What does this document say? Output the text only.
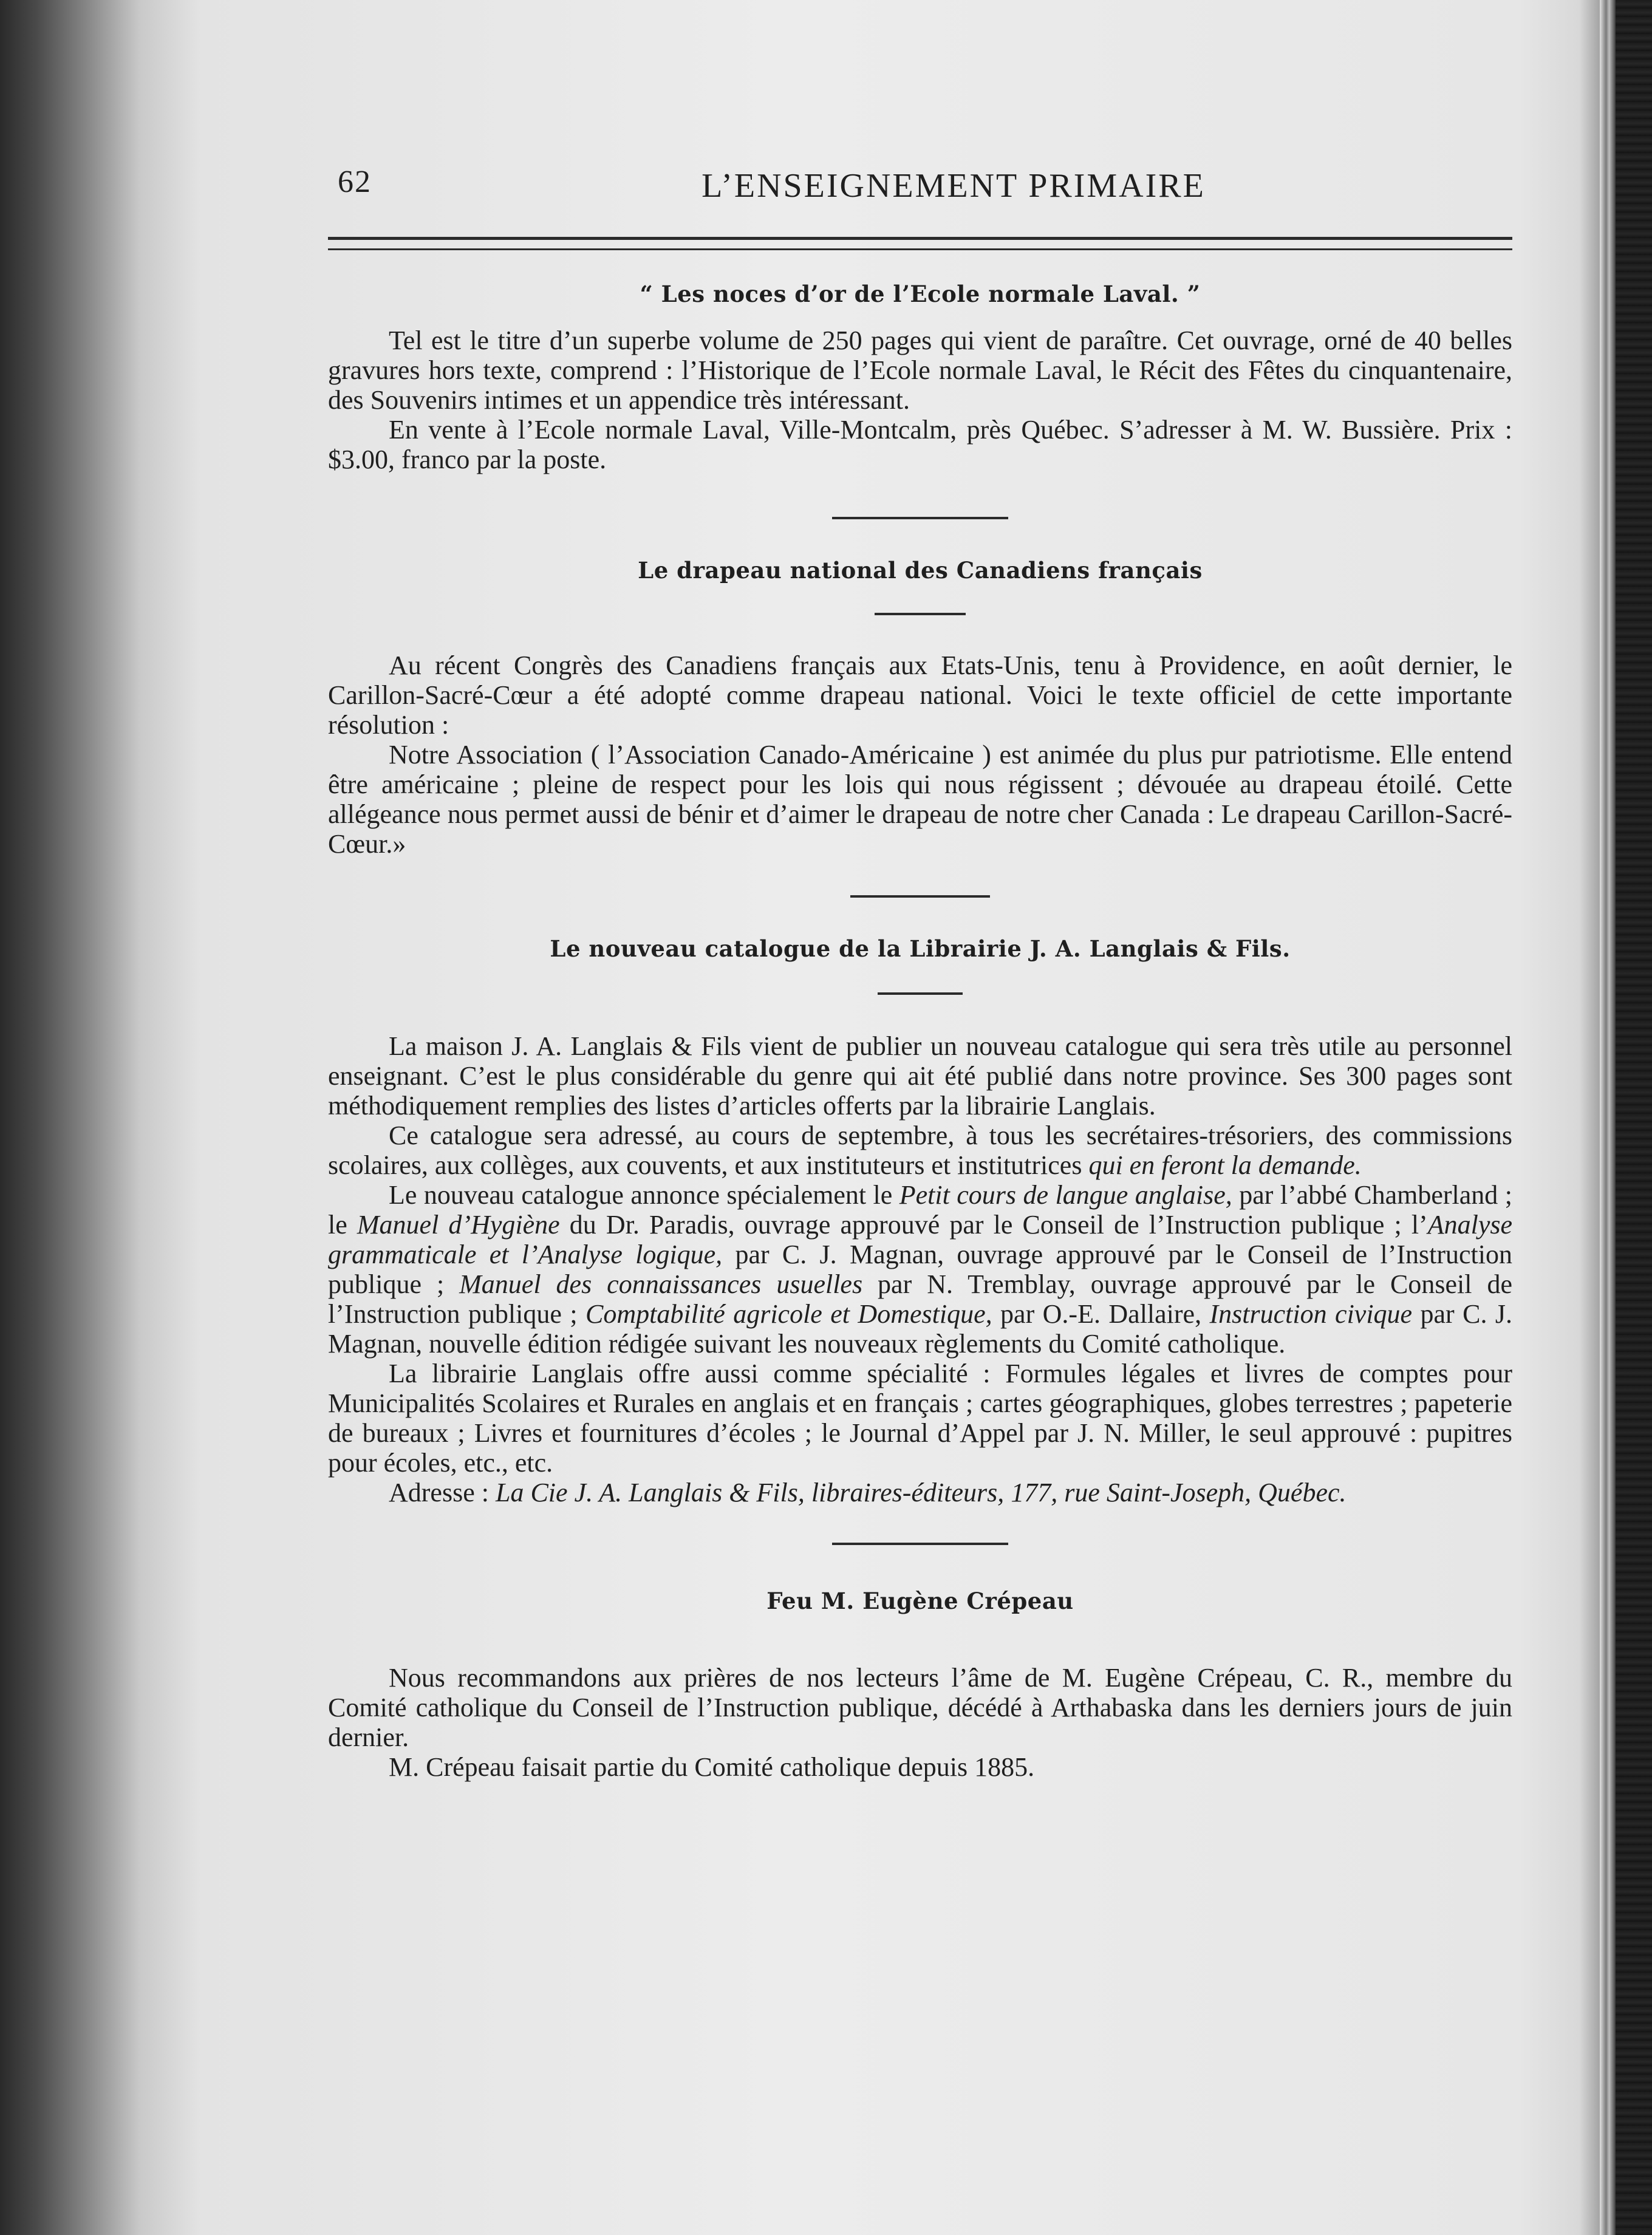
62	L’ENSEIGNEMENT PRIMAIRE
“ Les noces d’or de l’Ecole normale Laval. ”

Tel est le titre d’un superbe volume de 250 pages qui vient de paraître. Cet ouvrage, orné de 40 belles gravures hors texte, comprend : l’Historique de l’Ecole normale Laval, le Récit des Fêtes du cinquantenaire, des Souvenirs intimes et un appendice très intéressant.

En vente à l’Ecole normale Laval, Ville-Montcalm, près Québec. S’adresser à M. W. Bussière. Prix : $3.00, franco par la poste.

Le drapeau national des Canadiens français

Au récent Congrès des Canadiens français aux Etats-Unis, tenu à Providence, en août dernier, le Carillon-Sacré-Cœur a été adopté comme drapeau national. Voici le texte officiel de cette importante résolution :

Notre Association ( l’Association Canado-Américaine ) est animée du plus pur patriotisme. Elle entend être américaine ; pleine de respect pour les lois qui nous régissent ; dévouée au drapeau étoilé. Cette allégeance nous permet aussi de bénir et d’aimer le drapeau de notre cher Canada : Le drapeau Carillon-Sacré-Cœur.»

Le nouveau catalogue de la Librairie J. A. Langlais & Fils.

La maison J. A. Langlais & Fils vient de publier un nouveau catalogue qui sera très utile au personnel enseignant. C’est le plus considérable du genre qui ait été publié dans notre province. Ses 300 pages sont méthodiquement remplies des listes d’articles offerts par la librairie Langlais.

Ce catalogue sera adressé, au cours de septembre, à tous les secrétaires-trésoriers, des commissions scolaires, aux collèges, aux couvents, et aux instituteurs et institutrices qui en feront la demande.

Le nouveau catalogue annonce spécialement le Petit cours de langue anglaise, par l’abbé Chamberland ; le Manuel d’Hygiène du Dr. Paradis, ouvrage approuvé par le Conseil de l’Instruction publique ; l’Analyse grammaticale et l’Analyse logique, par C. J. Magnan, ouvrage approuvé par le Conseil de l’Instruction publique ; Manuel des connaissances usuelles par N. Tremblay, ouvrage approuvé par le Conseil de l’Instruction publique ; Comptabilité agricole et Domestique, par O.-E. Dallaire, Instruction civique par C. J. Magnan, nouvelle édition rédigée suivant les nouveaux règlements du Comité catholique.

La librairie Langlais offre aussi comme spécialité : Formules légales et livres de comptes pour Municipalités Scolaires et Rurales en anglais et en français ; cartes géographiques, globes terrestres ; papeterie de bureaux ; Livres et fournitures d’écoles ; le Journal d’Appel par J. N. Miller, le seul approuvé : pupitres pour écoles, etc., etc.

Adresse : La Cie J. A. Langlais & Fils, libraires-éditeurs, 177, rue Saint-Joseph, Québec.

Feu M. Eugène Crépeau

Nous recommandons aux prières de nos lecteurs l’âme de M. Eugène Crépeau, C. R., membre du Comité catholique du Conseil de l’Instruction publique, décédé à Arthabaska dans les derniers jours de juin dernier.

M. Crépeau faisait partie du Comité catholique depuis 1885.
